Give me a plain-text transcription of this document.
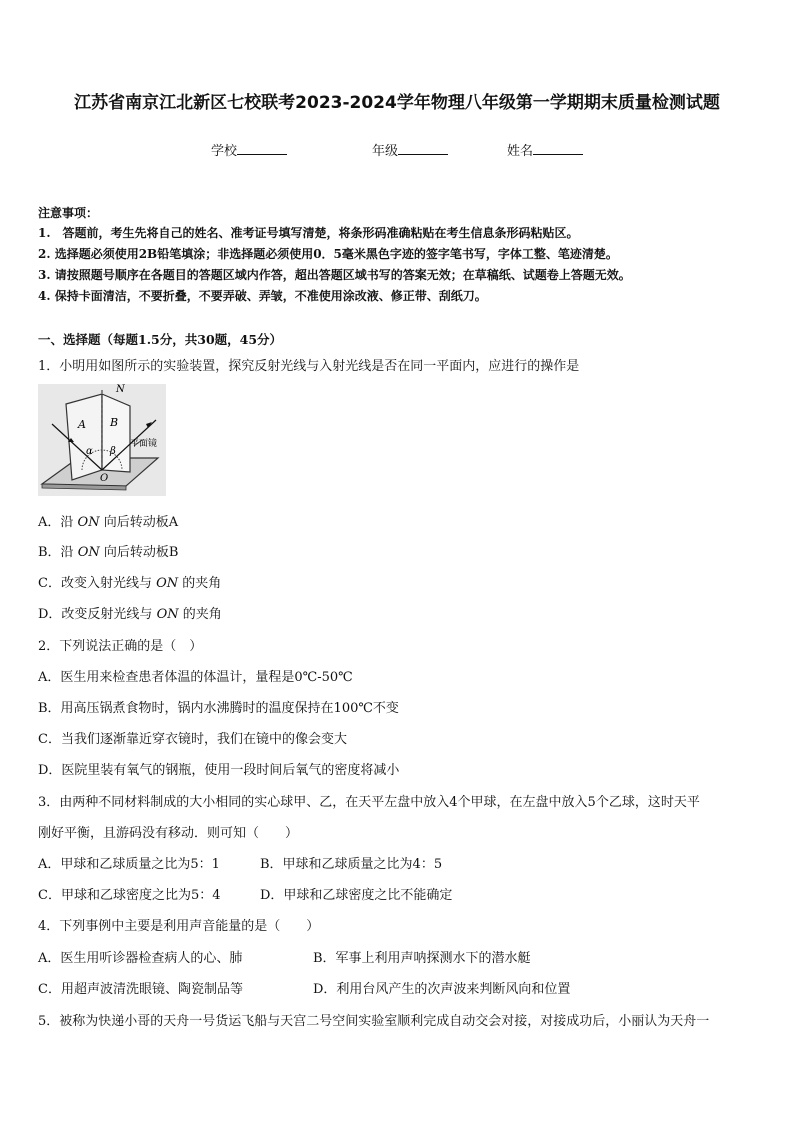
江苏省南京江北新区七校联考2023-2024学年物理八年级第一学期期末质量检测试题
学校	年级	姓名
注意事项：
1.　答题前，考生先将自己的姓名、准考证号填写清楚，将条形码准确粘贴在考生信息条形码粘贴区。
2. 选择题必须使用2B铅笔填涂；非选择题必须使用0．5毫米黑色字迹的签字笔书写，字体工整、笔迹清楚。
3. 请按照题号顺序在各题目的答题区域内作答，超出答题区域书写的答案无效；在草稿纸、试题卷上答题无效。
4. 保持卡面清洁，不要折叠，不要弄破、弄皱，不准使用涂改液、修正带、刮纸刀。
一、选择题（每题1.5分，共30题，45分）
1．小明用如图所示的实验装置，探究反射光线与入射光线是否在同一平面内，应进行的操作是
N
A B
α β
O
平面镜
A．沿 ON 向后转动板A
B．沿 ON 向后转动板B
C．改变入射光线与 ON 的夹角
D．改变反射光线与 ON 的夹角
2．下列说法正确的是（　）
A．医生用来检查患者体温的体温计，量程是0℃-50℃
B．用高压锅煮食物时，锅内水沸腾时的温度保持在100℃不变
C．当我们逐渐靠近穿衣镜时，我们在镜中的像会变大
D．医院里装有氧气的钢瓶，使用一段时间后氧气的密度将减小
3．由两种不同材料制成的大小相同的实心球甲、乙，在天平左盘中放入4个甲球，在左盘中放入5个乙球，这时天平
刚好平衡，且游码没有移动．则可知（　　）
A．甲球和乙球质量之比为5：1	B．甲球和乙球质量之比为4：5
C．甲球和乙球密度之比为5：4	D．甲球和乙球密度之比不能确定
4．下列事例中主要是利用声音能量的是（　　）
A．医生用听诊器检查病人的心、肺	B．军事上利用声呐探测水下的潜水艇
C．用超声波清洗眼镜、陶瓷制品等	D．利用台风产生的次声波来判断风向和位置
5．被称为快递小哥的天舟一号货运飞船与天宫二号空间实验室顺利完成自动交会对接，对接成功后，小丽认为天舟一
